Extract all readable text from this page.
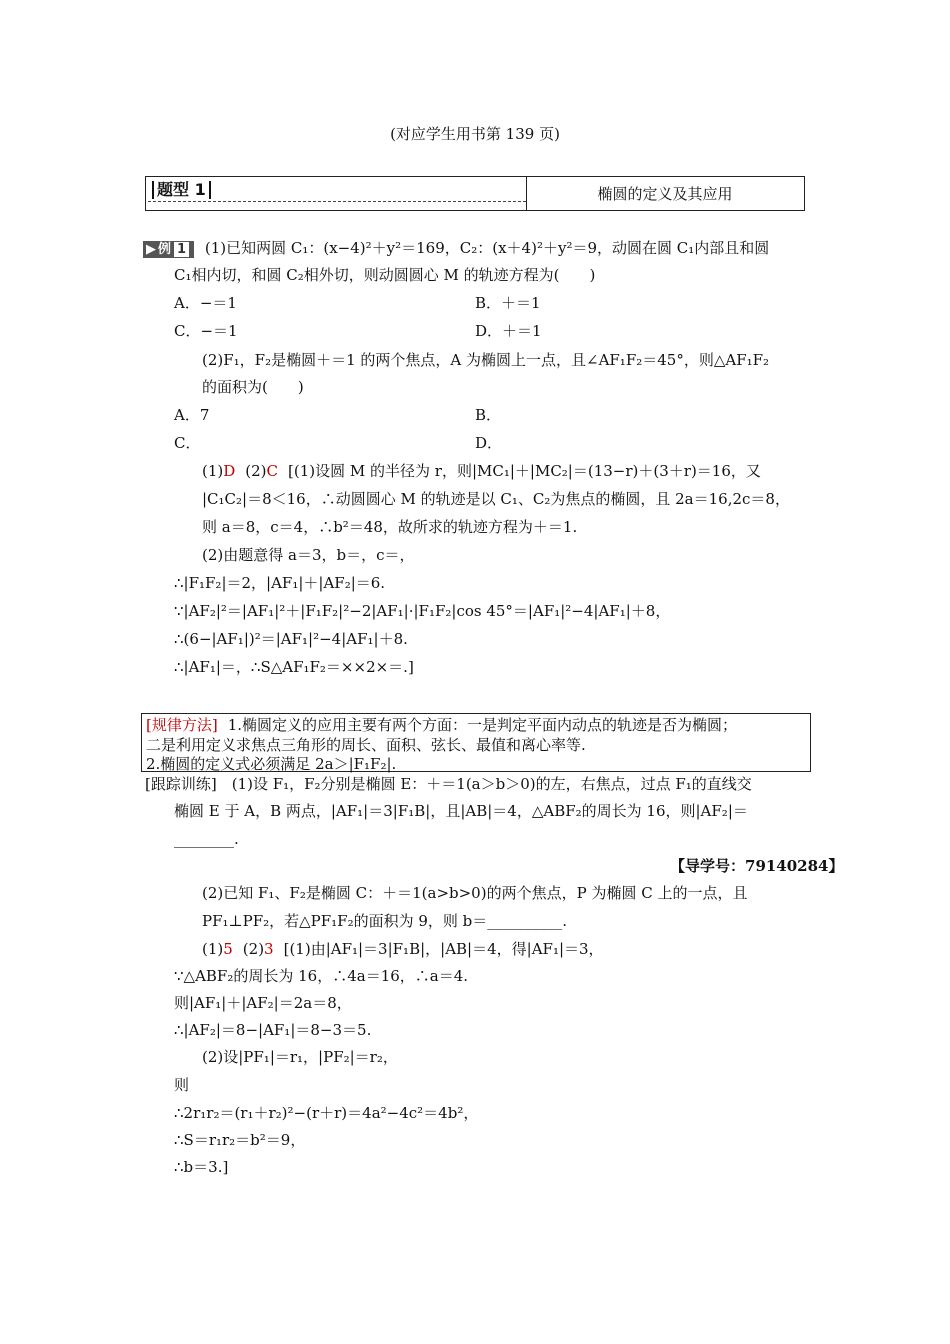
(对应学生用书第 139 页)
题型 1	椭圆的定义及其应用
▶ 例 1 (1)已知两圆 C₁：(x−4)²＋y²＝169，C₂：(x＋4)²＋y²＝9，动圆在圆 C₁内部且和圆
C₁相内切，和圆 C₂相外切，则动圆圆心 M 的轨迹方程为(　　)
A．−＝1	B．＋＝1
C．−＝1	D．＋＝1
(2)F₁，F₂是椭圆＋＝1 的两个焦点，A 为椭圆上一点，且∠AF₁F₂＝45°，则△AF₁F₂
的面积为(　　)
A．7	B．
C．	D．
(1)D (2)C [(1)设圆 M 的半径为 r，则|MC₁|＋|MC₂|＝(13−r)＋(3＋r)＝16，又
|C₁C₂|＝8＜16，∴动圆圆心 M 的轨迹是以 C₁、C₂为焦点的椭圆，且 2a＝16,2c＝8，
则 a＝8，c＝4，∴b²＝48，故所求的轨迹方程为＋＝1.
(2)由题意得 a＝3，b＝，c＝，
∴|F₁F₂|＝2，|AF₁|＋|AF₂|＝6.
∵|AF₂|²＝|AF₁|²＋|F₁F₂|²−2|AF₁|·|F₁F₂|cos 45°＝|AF₁|²−4|AF₁|＋8，
∴(6−|AF₁|)²＝|AF₁|²−4|AF₁|＋8.
∴|AF₁|＝，∴S△AF₁F₂＝××2×＝.]
[规律方法] 1.椭圆定义的应用主要有两个方面：一是判定平面内动点的轨迹是否为椭圆；
二是利用定义求焦点三角形的周长、面积、弦长、最值和离心率等.
2.椭圆的定义式必须满足 2a＞|F₁F₂|.
[跟踪训练]　(1)设 F₁，F₂分别是椭圆 E：＋＝1(a＞b＞0)的左，右焦点，过点 F₁的直线交
椭圆 E 于 A，B 两点，|AF₁|＝3|F₁B|，且|AB|＝4，△ABF₂的周长为 16，则|AF₂|＝
________.
【导学号：79140284】
(2)已知 F₁、F₂是椭圆 C：＋＝1(a>b>0)的两个焦点，P 为椭圆 C 上的一点，且
PF₁⊥PF₂，若△PF₁F₂的面积为 9，则 b＝__________.
(1)5 (2)3 [(1)由|AF₁|＝3|F₁B|，|AB|＝4，得|AF₁|＝3，
∵△ABF₂的周长为 16，∴4a＝16，∴a＝4.
则|AF₁|＋|AF₂|＝2a＝8，
∴|AF₂|＝8−|AF₁|＝8−3＝5.
(2)设|PF₁|＝r₁，|PF₂|＝r₂，
则
∴2r₁r₂＝(r₁＋r₂)²−(r＋r)＝4a²−4c²＝4b²，
∴S＝r₁r₂＝b²＝9，
∴b＝3.]
